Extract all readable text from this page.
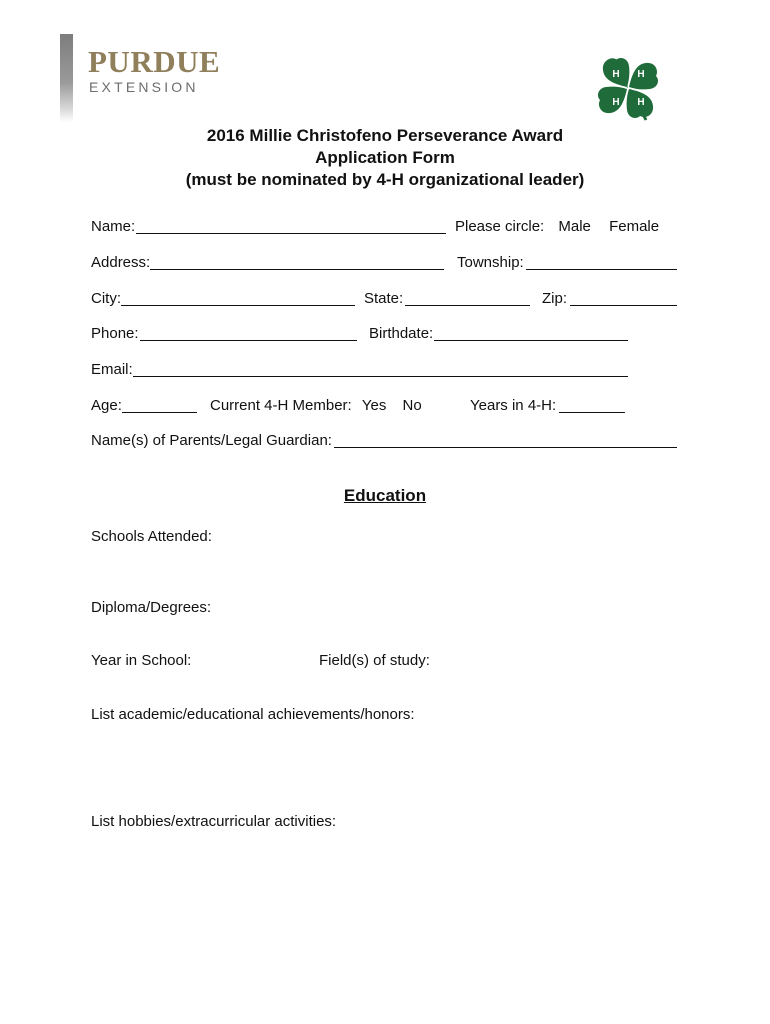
PURDUE
EXTENSION
H H
H H
2016 Millie Christofeno Perseverance Award
Application Form
(must be nominated by 4-H organizational leader)
Name:	Please circle: Male Female
Address:	Township:
City:	State:	Zip:
Phone:	Birthdate:
Email:
Age:	Current 4-H Member: Yes No	Years in 4-H:
Name(s) of Parents/Legal Guardian:
Education
Schools Attended:
Diploma/Degrees:
Year in School:	Field(s) of study:
List academic/educational achievements/honors:
List hobbies/extracurricular activities:
